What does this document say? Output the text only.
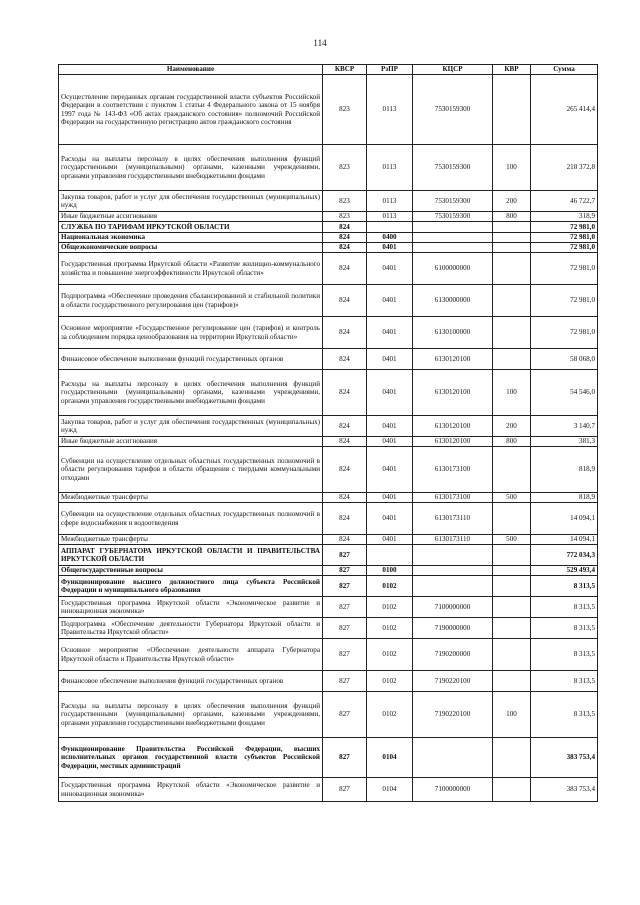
114
Наименование	КВСР	РзПР	КЦСР	КВР	Сумма
Осуществление переданных органам государственной власти субъектов Российской Федерации в соответствии с пунктом 1 статьи 4 Федерального закона от 15 ноября 1997 года № 143-ФЗ «Об актах гражданского состояния» полномочий Российской Федерации на государственную регистрацию актов гражданского состояния	823	0113	7530159300		265 414,4
Расходы на выплаты персоналу в целях обеспечения выполнения функций государственными (муниципальными) органами, казенными учреждениями, органами управления государственными внебюджетными фондами	823	0113	7530159300	100	218 372,8
Закупка товаров, работ и услуг для обеспечения государственных (муниципальных) нужд	823	0113	7530159300	200	46 722,7
Иные бюджетные ассигнования	823	0113	7530159300	800	318,9
СЛУЖБА ПО ТАРИФАМ ИРКУТСКОЙ ОБЛАСТИ	824				72 981,0
Национальная экономика	824	0400			72 981,0
Общеэкономические вопросы	824	0401			72 981,0
Государственная программа Иркутской области «Развитие жилищно-коммунального хозяйства и повышение энергоэффективности Иркутской области»	824	0401	6100000000		72 981,0
Подпрограмма «Обеспечение проведения сбалансированной и стабильной политики в области государственного регулирования цен (тарифов)»	824	0401	6130000000		72 981,0
Основное мероприятие «Государственное регулирование цен (тарифов) и контроль за соблюдением порядка ценообразования на территории Иркутской области»	824	0401	6130100000		72 981,0
Финансовое обеспечение выполнения функций государственных органов	824	0401	6130120100		58 068,0
Расходы на выплаты персоналу в целях обеспечения выполнения функций государственными (муниципальными) органами, казенными учреждениями, органами управления государственными внебюджетными фондами	824	0401	6130120100	100	54 546,0
Закупка товаров, работ и услуг для обеспечения государственных (муниципальных) нужд	824	0401	6130120100	200	3 140,7
Иные бюджетные ассигнования	824	0401	6130120100	800	381,3
Субвенции на осуществление отдельных областных государственных полномочий в области регулирования тарифов в области обращения с твердыми коммунальными отходами	824	0401	6130173100		818,9
Межбюджетные трансферты	824	0401	6130173100	500	818,9
Субвенции на осуществление отдельных областных государственных полномочий в сфере водоснабжения и водоотведения	824	0401	6130173110		14 094,1
Межбюджетные трансферты	824	0401	6130173110	500	14 094,1
АППАРАТ ГУБЕРНАТОРА ИРКУТСКОЙ ОБЛАСТИ И ПРАВИТЕЛЬСТВА ИРКУТСКОЙ ОБЛАСТИ	827				772 034,3
Общегосударственные вопросы	827	0100			529 493,4
Функционирование высшего должностного лица субъекта Российской Федерации и муниципального образования	827	0102			8 313,5
Государственная программа Иркутской области «Экономическое развитие и инновационная экономика»	827	0102	7100000000		8 313,5
Подпрограмма «Обеспечение деятельности Губернатора Иркутской области и Правительства Иркутской области»	827	0102	7190000000		8 313,5
Основное мероприятие «Обеспечение деятельности аппарата Губернатора Иркутской области и Правительства Иркутской области»	827	0102	7190200000		8 313,5
Финансовое обеспечение выполнения функций государственных органов	827	0102	7190220100		8 313,5
Расходы на выплаты персоналу в целях обеспечения выполнения функций государственными (муниципальными) органами, казенными учреждениями, органами управления государственными внебюджетными фондами	827	0102	7190220100	100	8 313,5
Функционирование Правительства Российской Федерации, высших исполнительных органов государственной власти субъектов Российской Федерации, местных администраций	827	0104			383 753,4
Государственная программа Иркутской области «Экономическое развитие и инновационная экономика»	827	0104	7100000000		383 753,4
